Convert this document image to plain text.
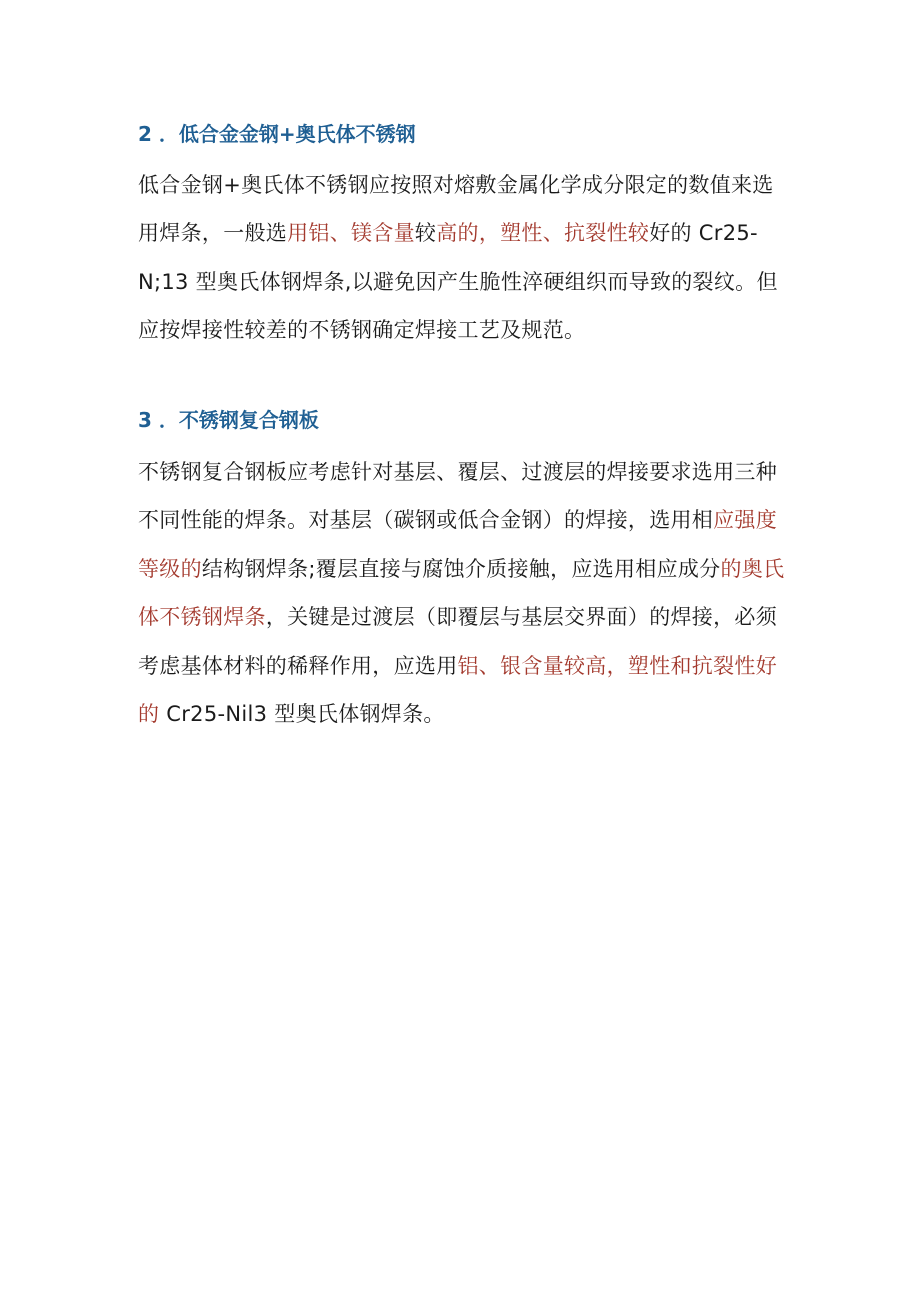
2 ．低合金金钢+奥氏体不锈钢
低合金钢+奥氏体不锈钢应按照对熔敷金属化学成分限定的数值来选用焊条，一般选用铝、镁含量较高的，塑性、抗裂性较好的 Cr25-N;13 型奥氏体钢焊条,以避免因产生脆性淬硬组织而导致的裂纹。但应按焊接性较差的不锈钢确定焊接工艺及规范。
3 ．不锈钢复合钢板
不锈钢复合钢板应考虑针对基层、覆层、过渡层的焊接要求选用三种不同性能的焊条。对基层（碳钢或低合金钢）的焊接，选用相应强度等级的结构钢焊条;覆层直接与腐蚀介质接触，应选用相应成分的奥氏体不锈钢焊条，关键是过渡层（即覆层与基层交界面）的焊接，必须考虑基体材料的稀释作用，应选用铝、银含量较高，塑性和抗裂性好的 Cr25-Nil3 型奥氏体钢焊条。
